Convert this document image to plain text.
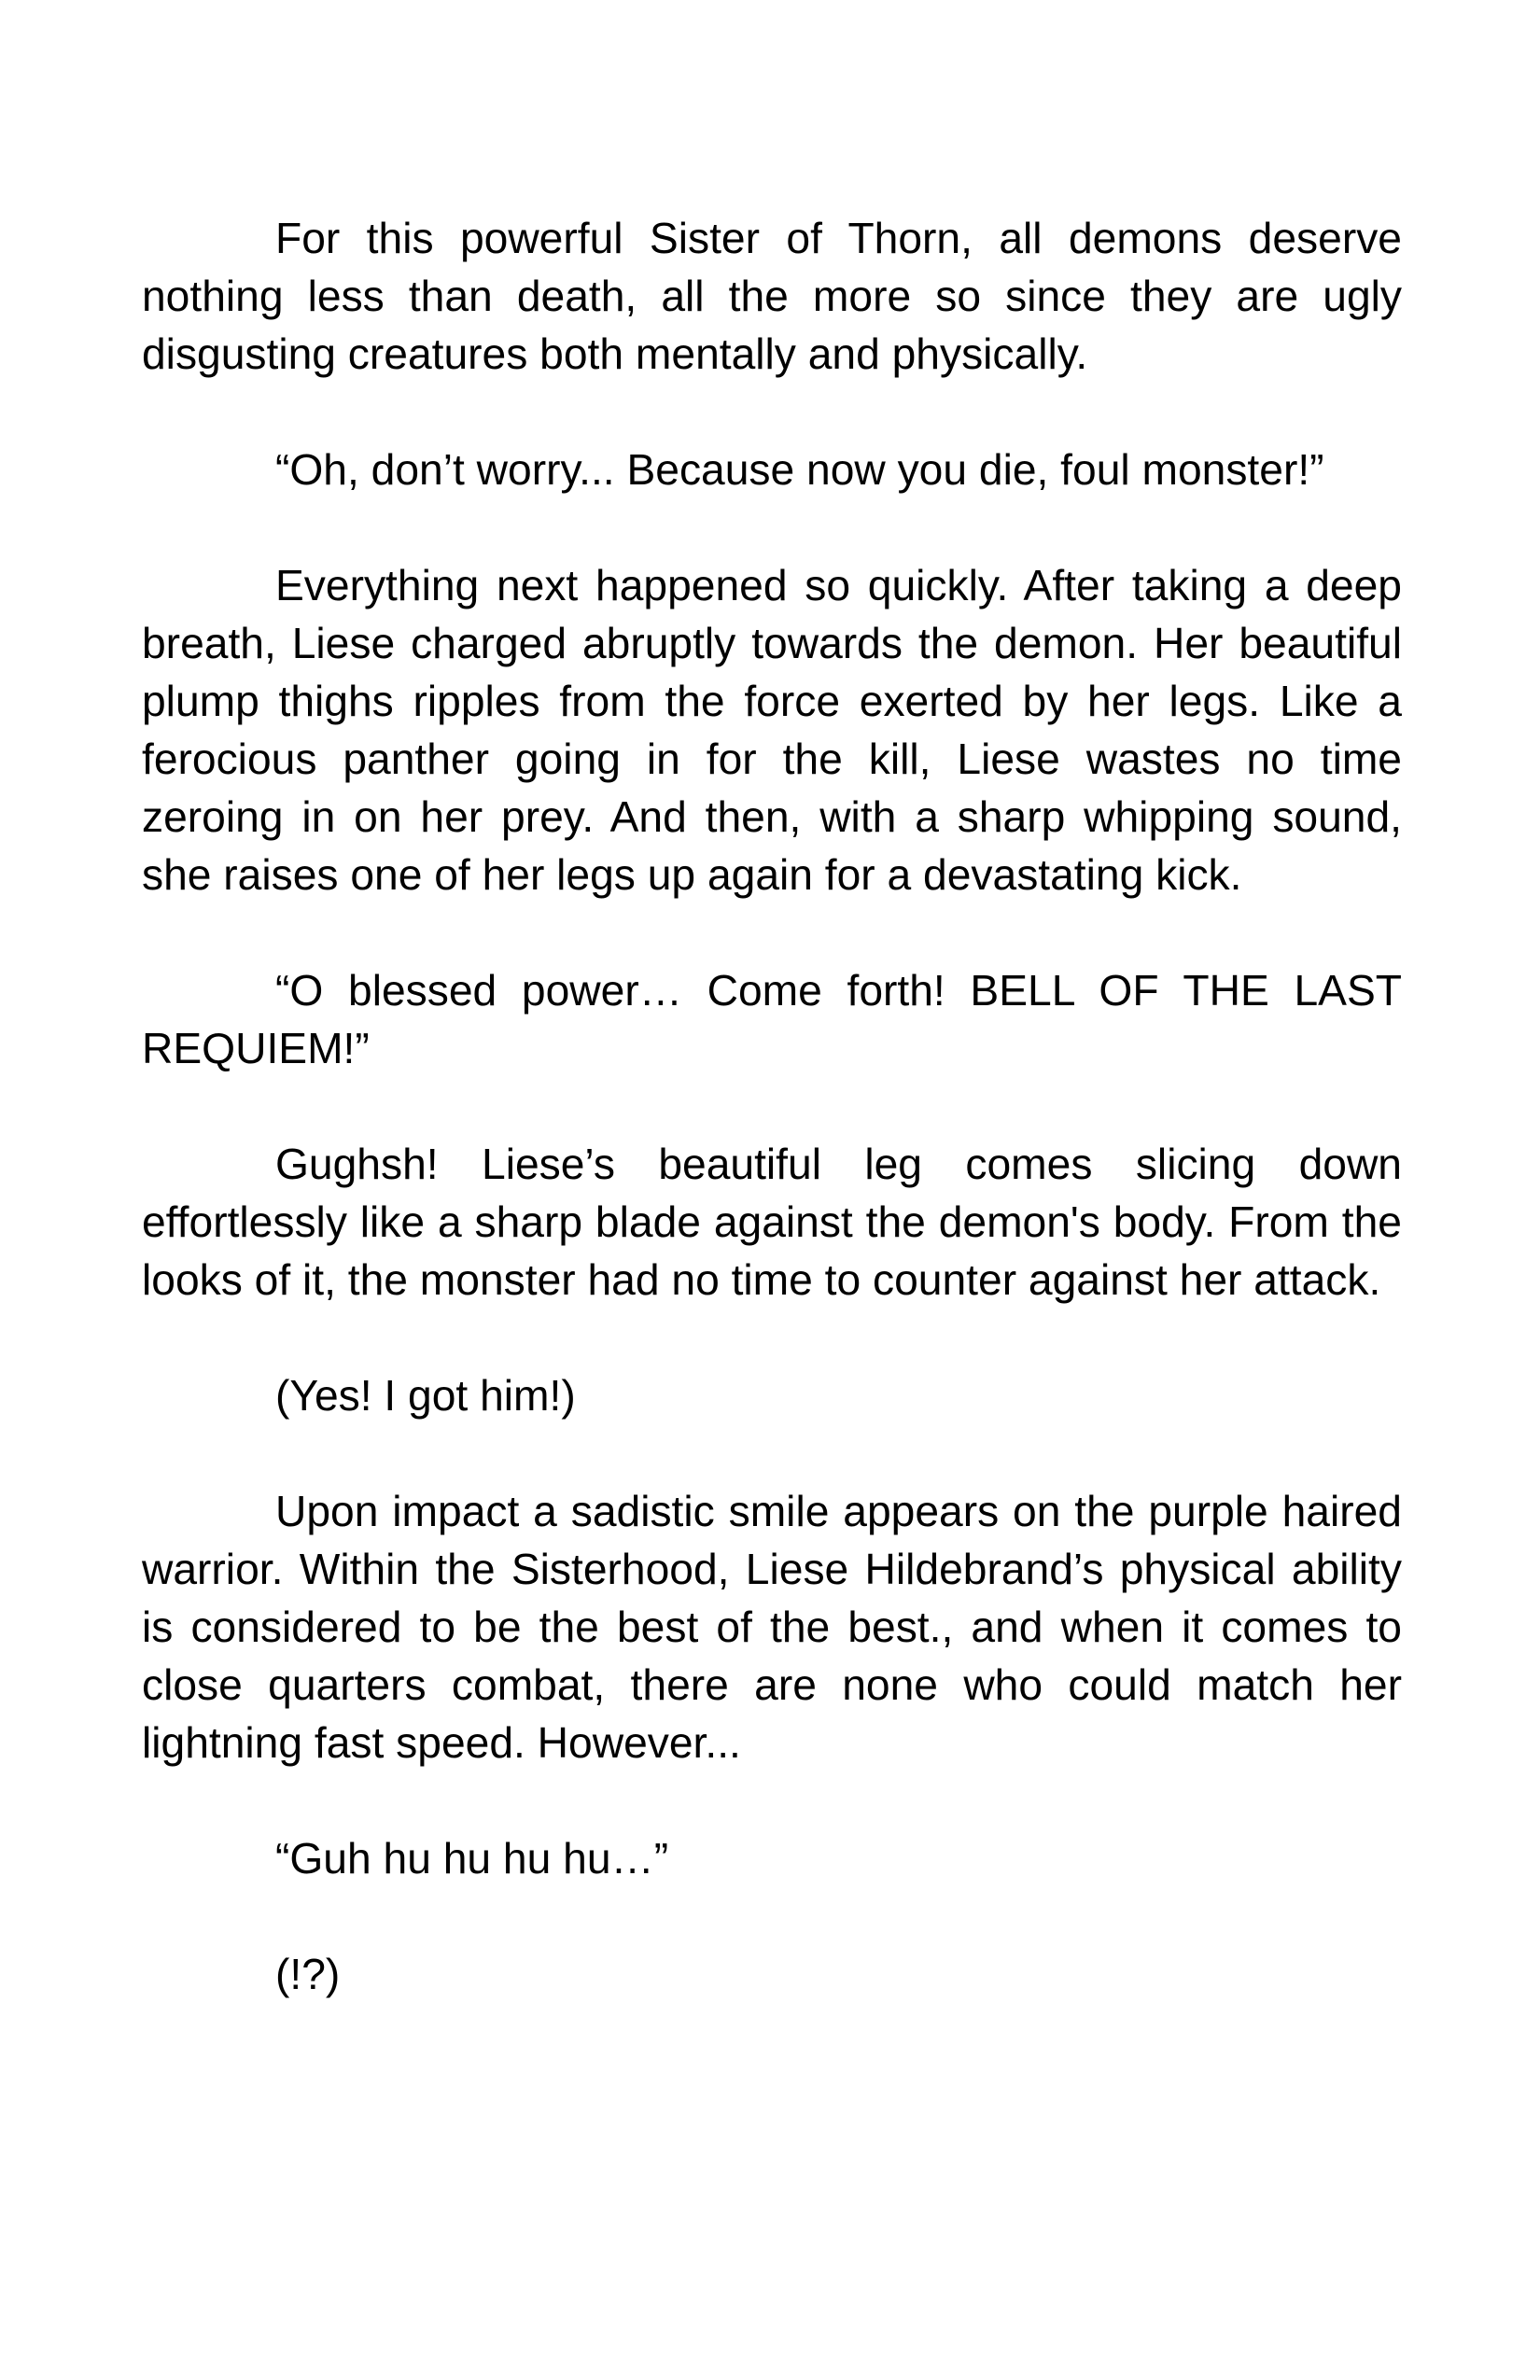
For this powerful Sister of Thorn, all demons deserve nothing less than death, all the more so since they are ugly disgusting creatures both mentally and physically.

“Oh, don’t worry... Because now you die, foul monster!”

Everything next happened so quickly. After taking a deep breath, Liese charged abruptly towards the demon. Her beautiful plump thighs ripples from the force exerted by her legs. Like a ferocious panther going in for the kill, Liese wastes no time zeroing in on her prey. And then, with a sharp whipping sound, she raises one of her legs up again for a devastating kick.

“O blessed power… Come forth! BELL OF THE LAST REQUIEM!”

Gughsh! Liese’s beautiful leg comes slicing down effortlessly like a sharp blade against the demon's body. From the looks of it, the monster had no time to counter against her attack.

(Yes! I got him!)

Upon impact a sadistic smile appears on the purple haired warrior. Within the Sisterhood, Liese Hildebrand’s physical ability is considered to be the best of the best., and when it comes to close quarters combat, there are none who could match her lightning fast speed. However...

“Guh hu hu hu hu…”

(!?)
